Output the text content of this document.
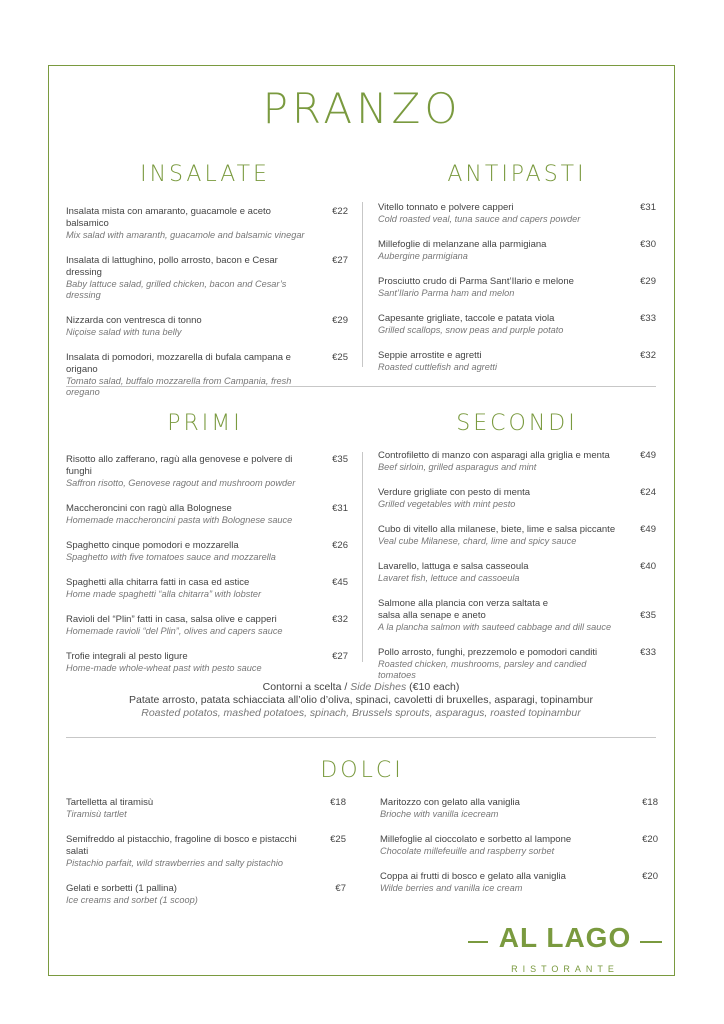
PRANZO
INSALATE	ANTIPASTI
Insalata mista con amaranto, guacamole e aceto balsamico
Mix salad with amaranth, guacamole and balsamic vinegar
€22
Insalata di lattughino, pollo arrosto, bacon e Cesar dressing
Baby lattuce salad, grilled chicken, bacon and Cesar’s dressing
€27
Nizzarda con ventresca di tonno
Niçoise salad with tuna belly
€29
Insalata di pomodori, mozzarella di bufala campana e origano
Tomato salad, buffalo mozzarella from Campania, fresh oregano
€25
Vitello tonnato e polvere capperi
Cold roasted veal, tuna sauce and capers powder
€31
Millefoglie di melanzane alla parmigiana
Aubergine parmigiana
€30
Prosciutto crudo di Parma Sant’Ilario e melone
Sant’Ilario Parma ham and melon
€29
Capesante grigliate, taccole e patata viola
Grilled scallops, snow peas and purple potato
€33
Seppie arrostite e agretti
Roasted cuttlefish and agretti
€32
PRIMI	SECONDI
Risotto allo zafferano, ragù alla genovese e polvere di funghi
Saffron risotto, Genovese ragout and mushroom powder
€35
Maccheroncini con ragù alla Bolognese
Homemade maccheroncini pasta with Bolognese sauce
€31
Spaghetto cinque pomodori e mozzarella
Spaghetto with five tomatoes sauce and mozzarella
€26
Spaghetti alla chitarra fatti in casa ed astice
Home made spaghetti “alla chitarra” with lobster
€45
Ravioli del “Plin” fatti in casa, salsa olive e capperi
Homemade ravioli “del Plin”, olives and capers sauce
€32
Trofie integrali al pesto ligure
Home-made whole-wheat past with pesto sauce
€27
Controfiletto di manzo con asparagi alla griglia e menta
Beef sirloin, grilled asparagus and mint
€49
Verdure grigliate con pesto di menta
Grilled vegetables with mint pesto
€24
Cubo di vitello alla milanese, biete, lime e salsa piccante
Veal cube Milanese, chard, lime and spicy sauce
€49
Lavarello, lattuga e salsa casseoula
Lavaret fish, lettuce and cassoeula
€40
Salmone alla plancia con verza saltata e salsa alla senape e aneto
A la plancha salmon with sauteed cabbage and dill sauce
€35
Pollo arrosto, funghi, prezzemolo e pomodori canditi
Roasted chicken, mushrooms, parsley and candied tomatoes
€33
Contorni a scelta / Side Dishes (€10 each)
Patate arrosto, patata schiacciata all’olio d’oliva, spinaci, cavoletti di bruxelles, asparagi, topinambur
Roasted potatos, mashed potatoes, spinach, Brussels sprouts, asparagus, roasted topinambur
DOLCI
Tartelletta al tiramisù
Tiramisù tartlet
€18
Semifreddo al pistacchio, fragoline di bosco e pistacchi salati
Pistachio parfait, wild strawberries and salty pistachio
€25
Gelati e sorbetti (1 pallina)
Ice creams and sorbet (1 scoop)
€7
Maritozzo con gelato alla vaniglia
Brioche with vanilla icecream
€18
Millefoglie al cioccolato e sorbetto al lampone
Chocolate millefeuille and raspberry sorbet
€20
Coppa ai frutti di bosco e gelato alla vaniglia
Wilde berries and vanilla ice cream
€20
AL LAGO
RISTORANTE
